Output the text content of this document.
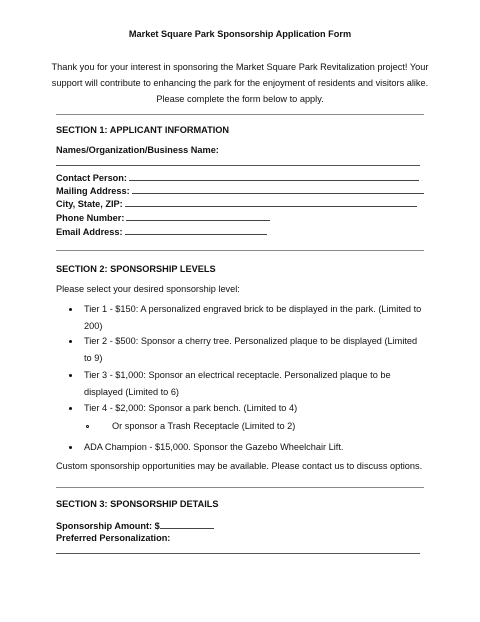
Market Square Park Sponsorship Application Form
Thank you for your interest in sponsoring the Market Square Park Revitalization project! Your support will contribute to enhancing the park for the enjoyment of residents and visitors alike. Please complete the form below to apply.
SECTION 1: APPLICANT INFORMATION
Names/Organization/Business Name:
Contact Person:
Mailing Address:
City, State, ZIP:
Phone Number:
Email Address:
SECTION 2: SPONSORSHIP LEVELS
Please select your desired sponsorship level:
Tier 1 - $150: A personalized engraved brick to be displayed in the park. (Limited to 200)
Tier 2 - $500: Sponsor a cherry tree. Personalized plaque to be displayed (Limited to 9)
Tier 3 - $1,000: Sponsor an electrical receptacle. Personalized plaque to be displayed (Limited to 6)
Tier 4 - $2,000: Sponsor a park bench. (Limited to 4)
Or sponsor a Trash Receptacle (Limited to 2)
ADA Champion - $15,000. Sponsor the Gazebo Wheelchair Lift.
Custom sponsorship opportunities may be available. Please contact us to discuss options.
SECTION 3: SPONSORSHIP DETAILS
Sponsorship Amount: $
Preferred Personalization:
